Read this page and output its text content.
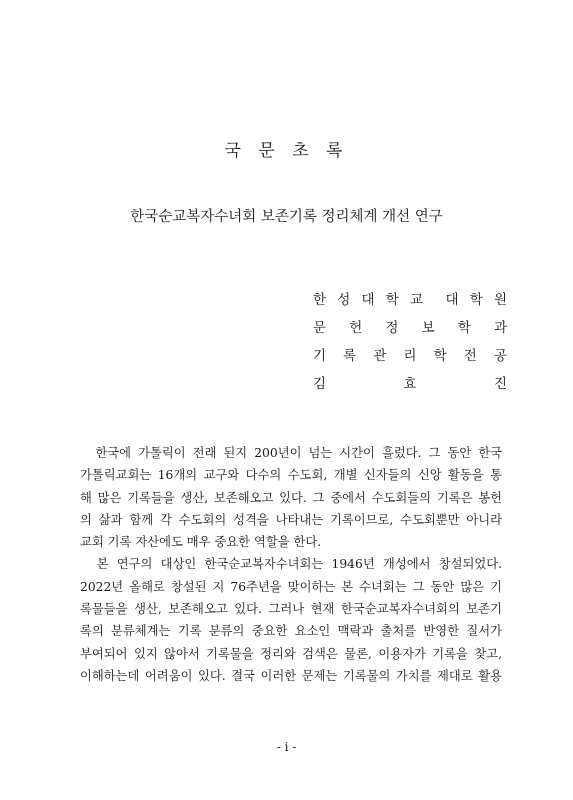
국 문 초 록
한국순교복자수녀회 보존기록 정리체계 개선 연구
한 성 대 학 교 대 학 원
문 헌 정 보 학 과
기 록 관 리 학 전 공
김	효	진
　한국에 가톨릭이 전래 된지 200년이 넘는 시간이 흘렀다. 그 동안 한국
가톨릭교회는 16개의 교구와 다수의 수도회, 개별 신자들의 신앙 활동을 통
해 많은 기록들을 생산, 보존해오고 있다. 그 중에서 수도회들의 기록은 봉헌
의 삶과 함께 각 수도회의 성격을 나타내는 기록이므로, 수도회뿐만 아니라
교회 기록 자산에도 매우 중요한 역할을 한다.
　본 연구의 대상인 한국순교복자수녀회는 1946년 개성에서 창설되었다.
2022년 올해로 창설된 지 76주년을 맞이하는 본 수녀회는 그 동안 많은 기
록물들을 생산, 보존해오고 있다. 그러나 현재 한국순교복자수녀회의 보존기
록의 분류체계는 기록 분류의 중요한 요소인 맥락과 출처를 반영한 질서가
부여되어 있지 않아서 기록물을 정리와 검색은 물론, 이용자가 기록을 찾고,
이해하는데 어려움이 있다. 결국 이러한 문제는 기록물의 가치를 제대로 활용
- i -
